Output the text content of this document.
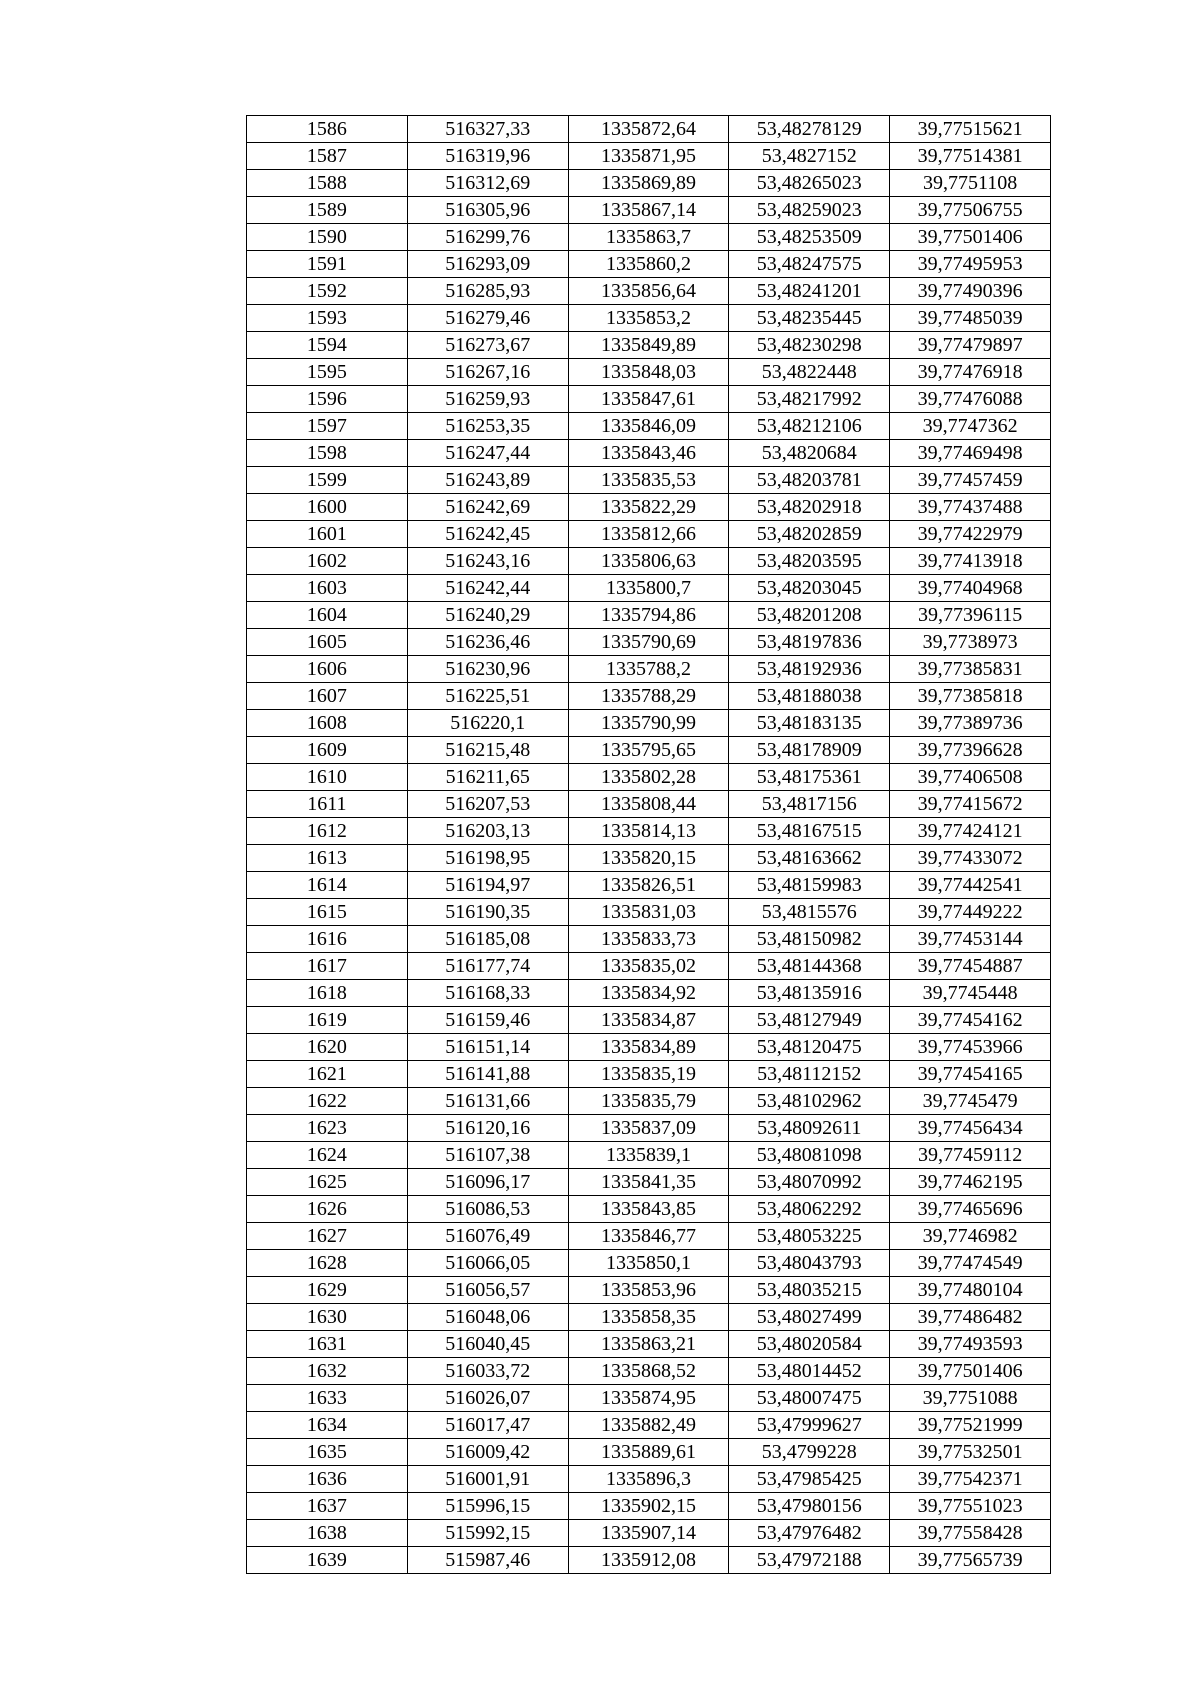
1586	516327,33	1335872,64	53,48278129	39,77515621
1587	516319,96	1335871,95	53,4827152	39,77514381
1588	516312,69	1335869,89	53,48265023	39,7751108
1589	516305,96	1335867,14	53,48259023	39,77506755
1590	516299,76	1335863,7	53,48253509	39,77501406
1591	516293,09	1335860,2	53,48247575	39,77495953
1592	516285,93	1335856,64	53,48241201	39,77490396
1593	516279,46	1335853,2	53,48235445	39,77485039
1594	516273,67	1335849,89	53,48230298	39,77479897
1595	516267,16	1335848,03	53,4822448	39,77476918
1596	516259,93	1335847,61	53,48217992	39,77476088
1597	516253,35	1335846,09	53,48212106	39,7747362
1598	516247,44	1335843,46	53,4820684	39,77469498
1599	516243,89	1335835,53	53,48203781	39,77457459
1600	516242,69	1335822,29	53,48202918	39,77437488
1601	516242,45	1335812,66	53,48202859	39,77422979
1602	516243,16	1335806,63	53,48203595	39,77413918
1603	516242,44	1335800,7	53,48203045	39,77404968
1604	516240,29	1335794,86	53,48201208	39,77396115
1605	516236,46	1335790,69	53,48197836	39,7738973
1606	516230,96	1335788,2	53,48192936	39,77385831
1607	516225,51	1335788,29	53,48188038	39,77385818
1608	516220,1	1335790,99	53,48183135	39,77389736
1609	516215,48	1335795,65	53,48178909	39,77396628
1610	516211,65	1335802,28	53,48175361	39,77406508
1611	516207,53	1335808,44	53,4817156	39,77415672
1612	516203,13	1335814,13	53,48167515	39,77424121
1613	516198,95	1335820,15	53,48163662	39,77433072
1614	516194,97	1335826,51	53,48159983	39,77442541
1615	516190,35	1335831,03	53,4815576	39,77449222
1616	516185,08	1335833,73	53,48150982	39,77453144
1617	516177,74	1335835,02	53,48144368	39,77454887
1618	516168,33	1335834,92	53,48135916	39,7745448
1619	516159,46	1335834,87	53,48127949	39,77454162
1620	516151,14	1335834,89	53,48120475	39,77453966
1621	516141,88	1335835,19	53,48112152	39,77454165
1622	516131,66	1335835,79	53,48102962	39,7745479
1623	516120,16	1335837,09	53,48092611	39,77456434
1624	516107,38	1335839,1	53,48081098	39,77459112
1625	516096,17	1335841,35	53,48070992	39,77462195
1626	516086,53	1335843,85	53,48062292	39,77465696
1627	516076,49	1335846,77	53,48053225	39,7746982
1628	516066,05	1335850,1	53,48043793	39,77474549
1629	516056,57	1335853,96	53,48035215	39,77480104
1630	516048,06	1335858,35	53,48027499	39,77486482
1631	516040,45	1335863,21	53,48020584	39,77493593
1632	516033,72	1335868,52	53,48014452	39,77501406
1633	516026,07	1335874,95	53,48007475	39,7751088
1634	516017,47	1335882,49	53,47999627	39,77521999
1635	516009,42	1335889,61	53,4799228	39,77532501
1636	516001,91	1335896,3	53,47985425	39,77542371
1637	515996,15	1335902,15	53,47980156	39,77551023
1638	515992,15	1335907,14	53,47976482	39,77558428
1639	515987,46	1335912,08	53,47972188	39,77565739
